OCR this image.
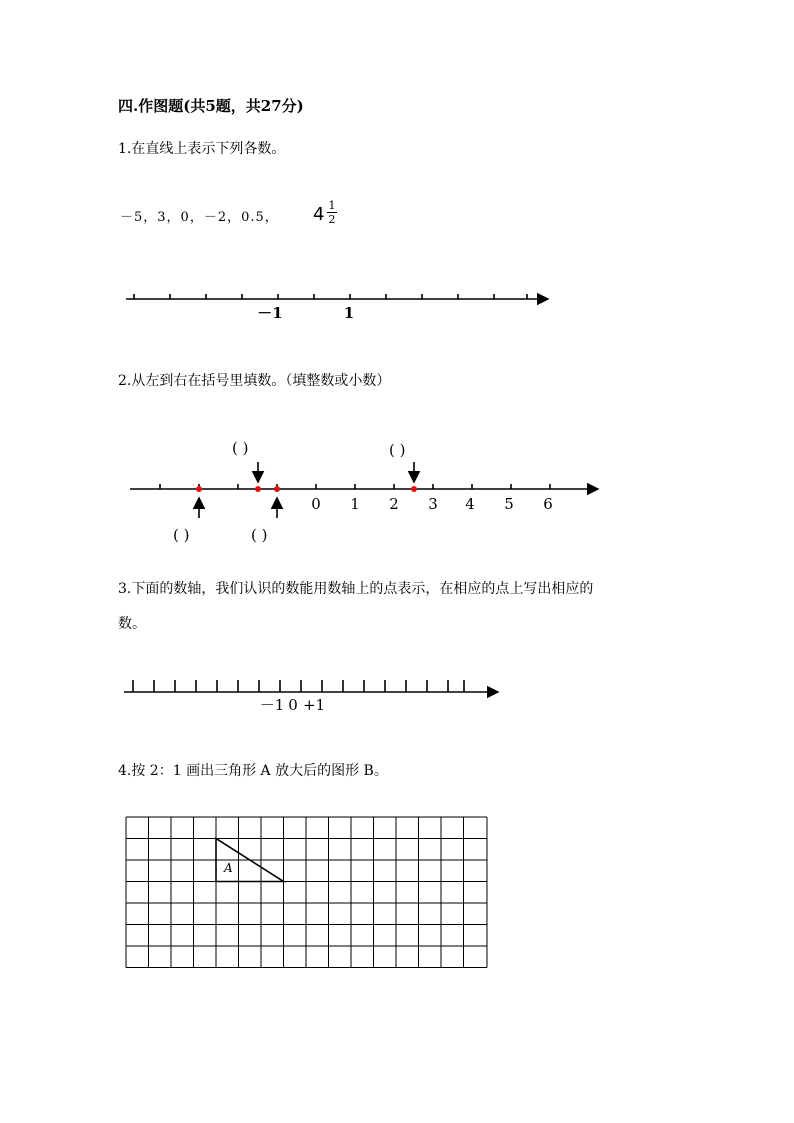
四.作图题(共5题，共27分)
1.在直线上表示下列各数。
－5，3，0，－2，0.5， 4 1
2
－1	1
0 1 2 3 4 5 6
( )	( )
( )	( )
－1 0 +1
A
2.从左到右在括号里填数。（填整数或小数）
3.下面的数轴，我们认识的数能用数轴上的点表示，在相应的点上写出相应的
数。
4.按 2：1 画出三角形 A 放大后的图形 B。
